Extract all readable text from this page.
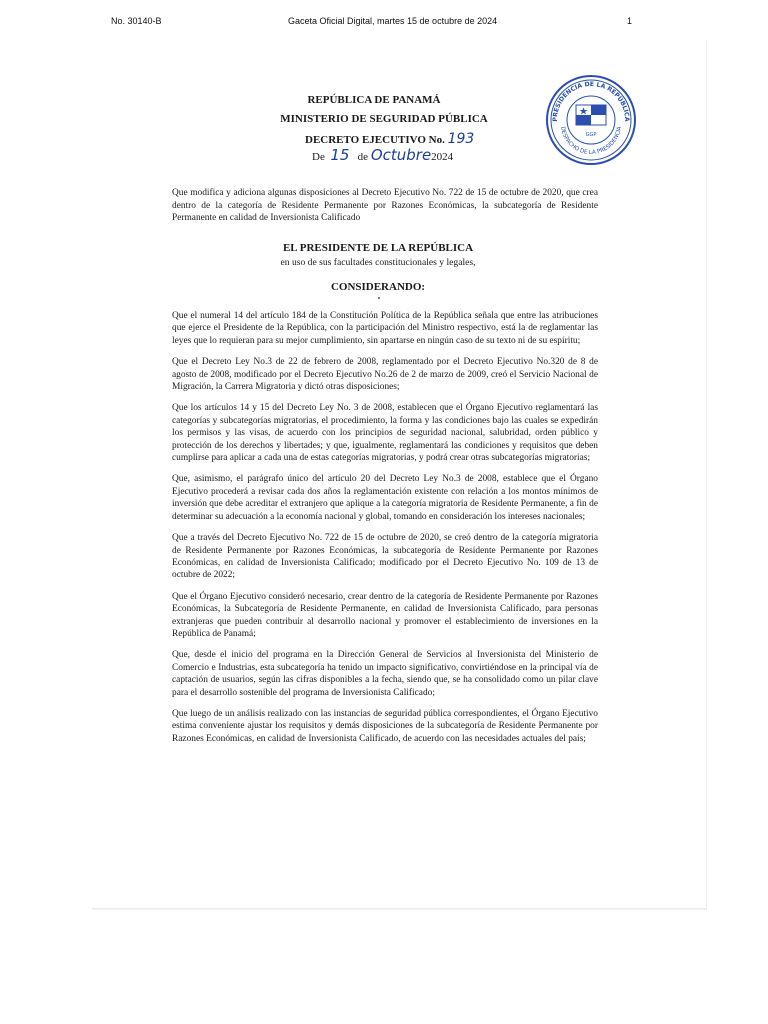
No. 30140-B	Gaceta Oficial Digital, martes 15 de octubre de 2024	1
REPÚBLICA DE PANAMÁ
MINISTERIO DE SEGURIDAD PÚBLICA
DECRETO EJECUTIVO No. 193
De 15 de Octubre2024
PRESIDENCIA DE LA REPÚBLICA
DESPACHO DE LA PRESIDENCIA
GGP
Que modifica y adiciona algunas disposiciones al Decreto Ejecutivo No. 722 de 15 de octubre de 2020, que crea dentro de la categoría de Residente Permanente por Razones Económicas, la subcategoría de Residente Permanente en calidad de Inversionista Calificado
EL PRESIDENTE DE LA REPÚBLICA
en uso de sus facultades constitucionales y legales,
CONSIDERANDO:

Que el numeral 14 del artículo 184 de la Constitución Política de la República señala que entre las atribuciones que ejerce el Presidente de la República, con la participación del Ministro respectivo, está la de reglamentar las leyes que lo requieran para su mejor cumplimiento, sin apartarse en ningún caso de su texto ni de su espíritu;

Que el Decreto Ley No.3 de 22 de febrero de 2008, reglamentado por el Decreto Ejecutivo No.320 de 8 de agosto de 2008, modificado por el Decreto Ejecutivo No.26 de 2 de marzo de 2009, creó el Servicio Nacional de Migración, la Carrera Migratoria y dictó otras disposiciones;

Que los artículos 14 y 15 del Decreto Ley No. 3 de 2008, establecen que el Órgano Ejecutivo reglamentará las categorías y subcategorías migratorias, el procedimiento, la forma y las condiciones bajo las cuales se expedirán los permisos y las visas, de acuerdo con los principios de seguridad nacional, salubridad, orden público y protección de los derechos y libertades; y que, igualmente, reglamentará las condiciones y requisitos que deben cumplirse para aplicar a cada una de estas categorías migratorias, y podrá crear otras subcategorías migratorias;

Que, asimismo, el parágrafo único del artículo 20 del Decreto Ley No.3 de 2008, establece que el Órgano Ejecutivo procederá a revisar cada dos años la reglamentación existente con relación a los montos mínimos de inversión que debe acreditar el extranjero que aplique a la categoría migratoria de Residente Permanente, a fin de determinar su adecuación a la economía nacional y global, tomando en consideración los intereses nacionales;

Que a través del Decreto Ejecutivo No. 722 de 15 de octubre de 2020, se creó dentro de la categoría migratoria de Residente Permanente por Razones Económicas, la subcategoría de Residente Permanente por Razones Económicas, en calidad de Inversionista Calificado; modificado por el Decreto Ejecutivo No. 109 de 13 de octubre de 2022;

Que el Órgano Ejecutivo consideró necesario, crear dentro de la categoría de Residente Permanente por Razones Económicas, la Subcategoría de Residente Permanente, en calidad de Inversionista Calificado, para personas extranjeras que pueden contribuir al desarrollo nacional y promover el establecimiento de inversiones en la República de Panamá;

Que, desde el inicio del programa en la Dirección General de Servicios al Inversionista del Ministerio de Comercio e Industrias, esta subcategoría ha tenido un impacto significativo, convirtiéndose en la principal vía de captación de usuarios, según las cifras disponibles a la fecha, siendo que, se ha consolidado como un pilar clave para el desarrollo sostenible del programa de Inversionista Calificado;

Que luego de un análisis realizado con las instancias de seguridad pública correspondientes, el Órgano Ejecutivo estima conveniente ajustar los requisitos y demás disposiciones de la subcategoría de Residente Permanente por Razones Económicas, en calidad de Inversionista Calificado, de acuerdo con las necesidades actuales del país;
